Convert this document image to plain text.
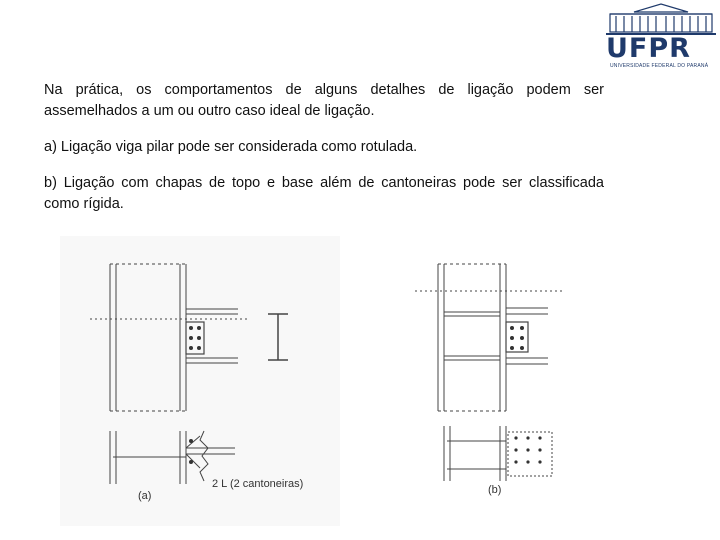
UFPR
UNIVERSIDADE FEDERAL DO PARANÁ

Na prática, os comportamentos de alguns detalhes de ligação podem ser assemelhados a um ou outro caso ideal de ligação.

a) Ligação viga pilar pode ser considerada como rotulada.

b) Ligação com chapas de topo e base além de cantoneiras pode ser classificada como rígida.

(a)
2 L (2 cantoneiras)	(b)
